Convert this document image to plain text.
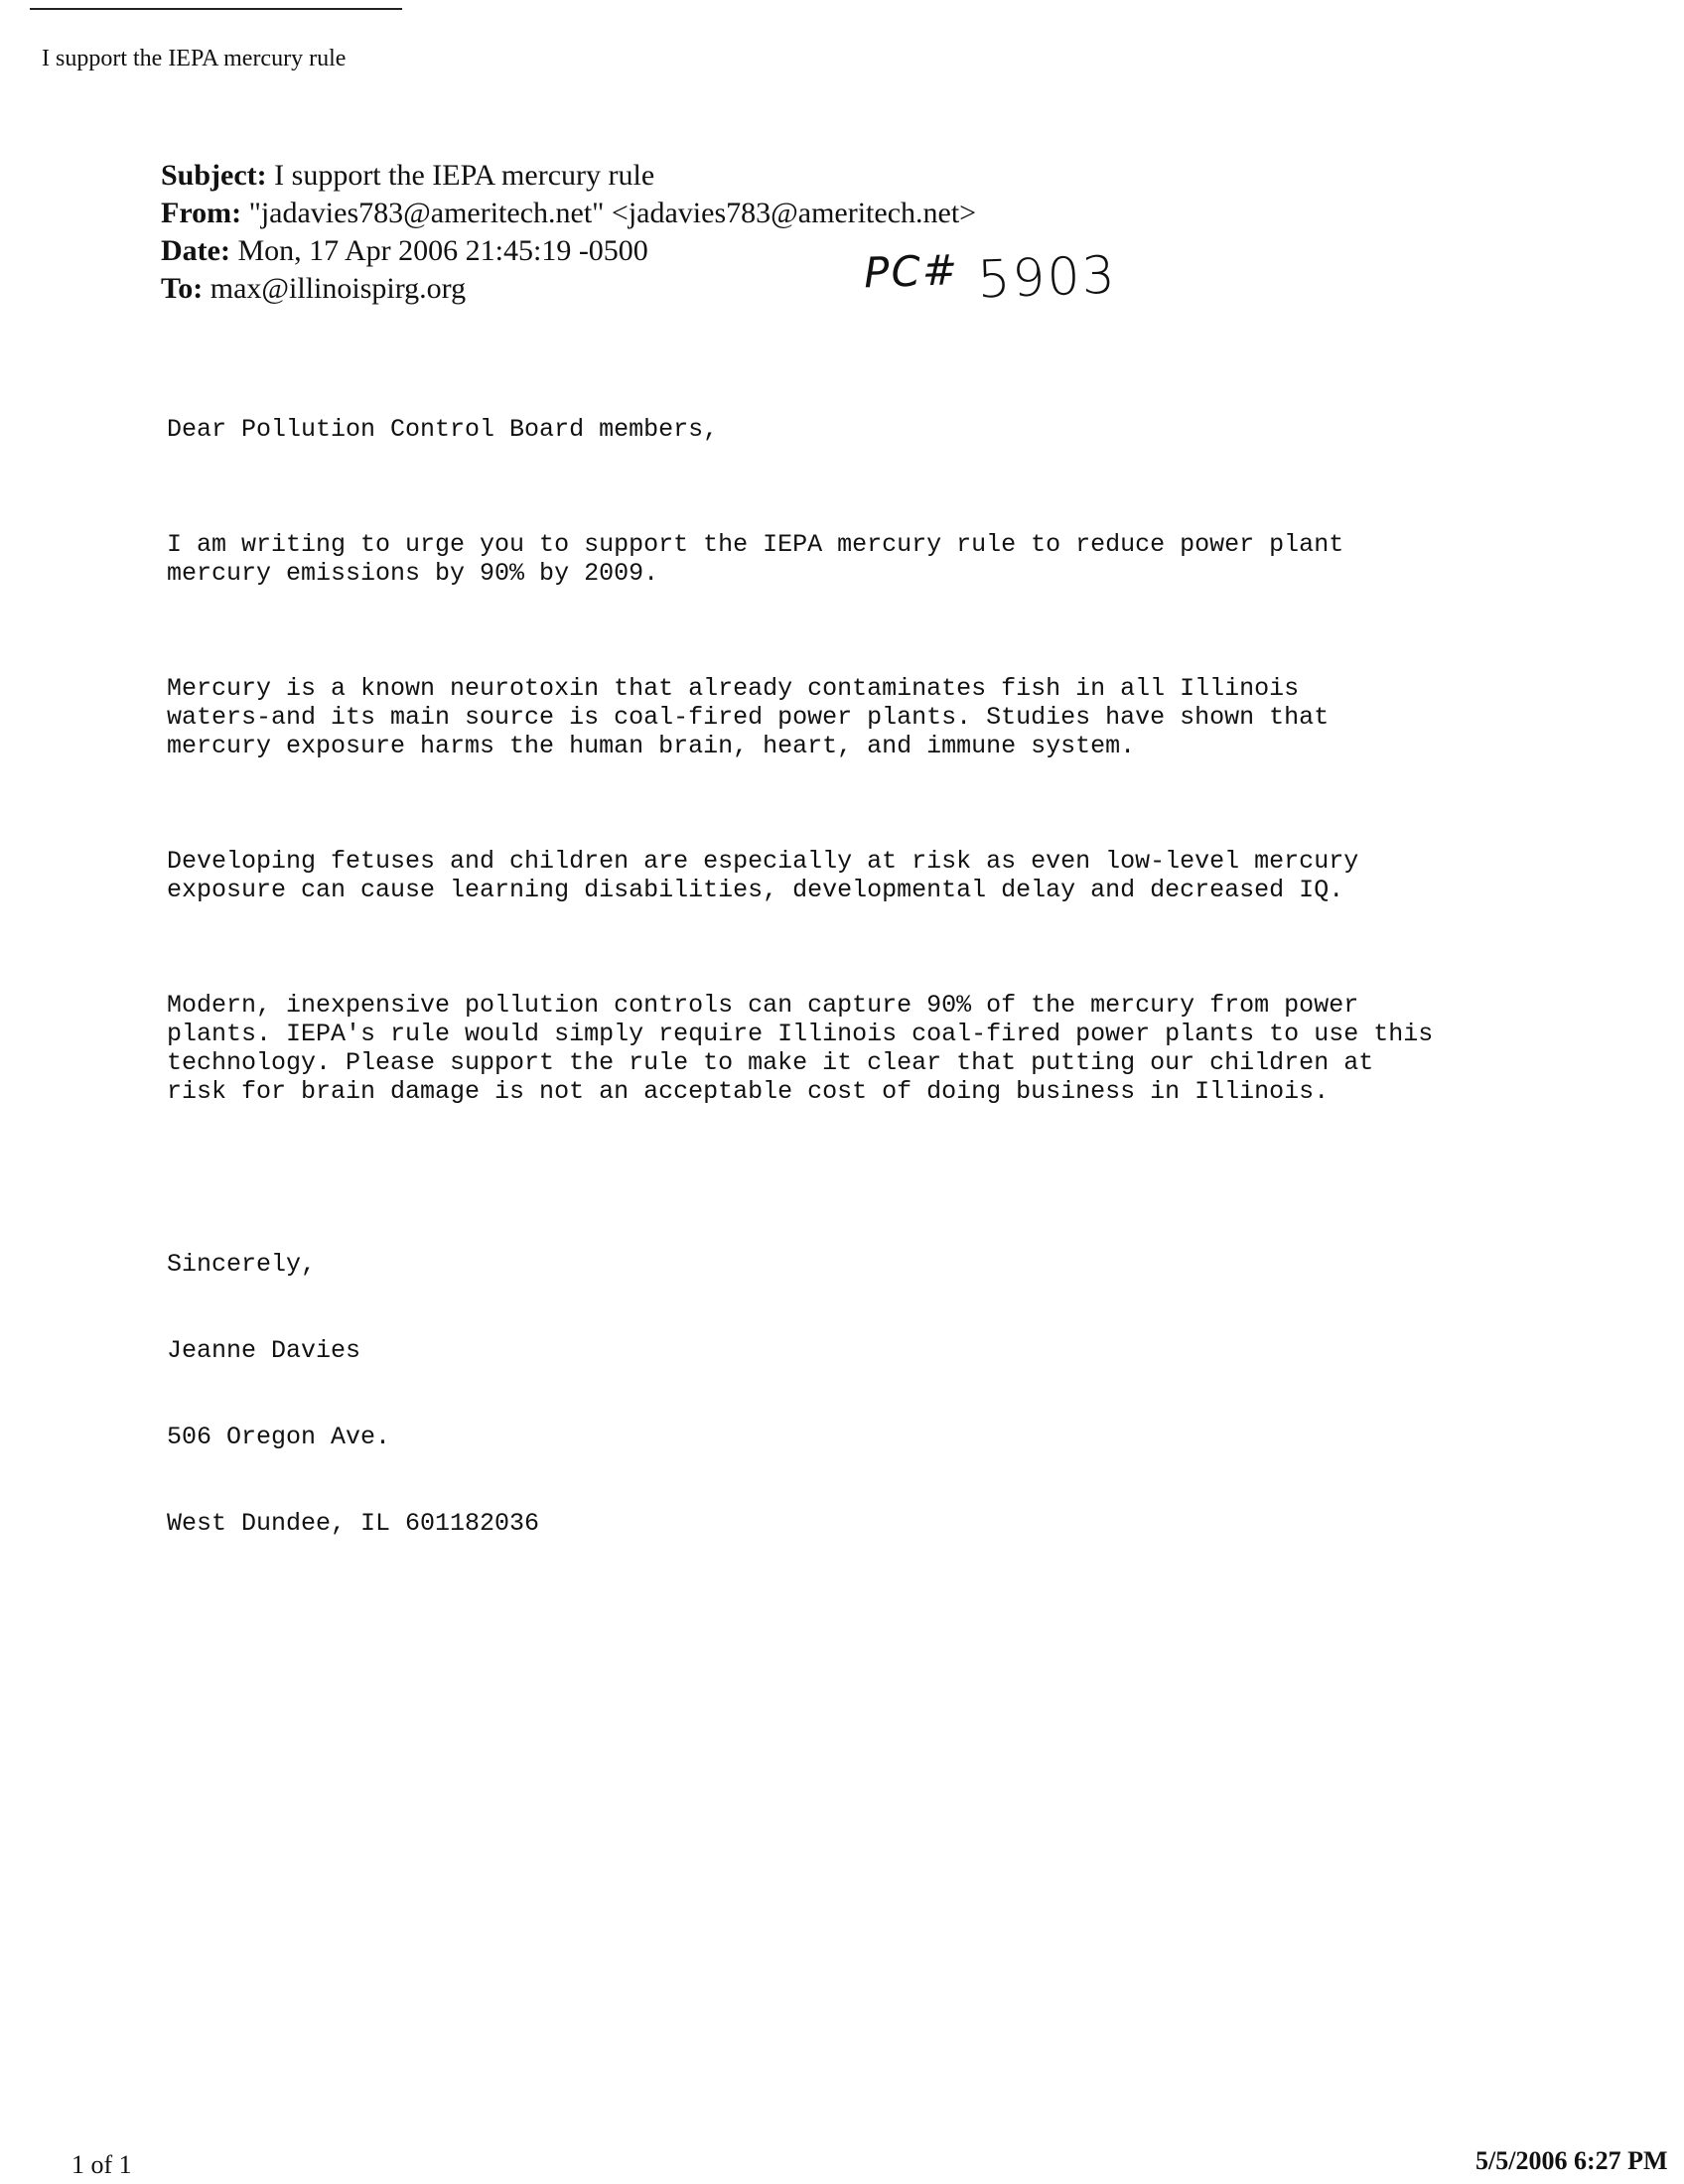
I support the IEPA mercury rule
Subject: I support the IEPA mercury rule
From: "jadavies783@ameritech.net" <jadavies783@ameritech.net>
Date: Mon, 17 Apr 2006 21:45:19 -0500
To: max@illinoispirg.org	PC# 5903

Dear Pollution Control Board members,

I am writing to urge you to support the IEPA mercury rule to reduce power plant
mercury emissions by 90% by 2009.

Mercury is a known neurotoxin that already contaminates fish in all Illinois
waters-and its main source is coal-fired power plants. Studies have shown that
mercury exposure harms the human brain, heart, and immune system.

Developing fetuses and children are especially at risk as even low-level mercury
exposure can cause learning disabilities, developmental delay and decreased IQ.

Modern, inexpensive pollution controls can capture 90% of the mercury from power
plants. IEPA's rule would simply require Illinois coal-fired power plants to use this
technology. Please support the rule to make it clear that putting our children at
risk for brain damage is not an acceptable cost of doing business in Illinois.

Sincerely,

Jeanne Davies

506 Oregon Ave.

West Dundee, IL 601182036

1 of 1	5/5/2006 6:27 PM
